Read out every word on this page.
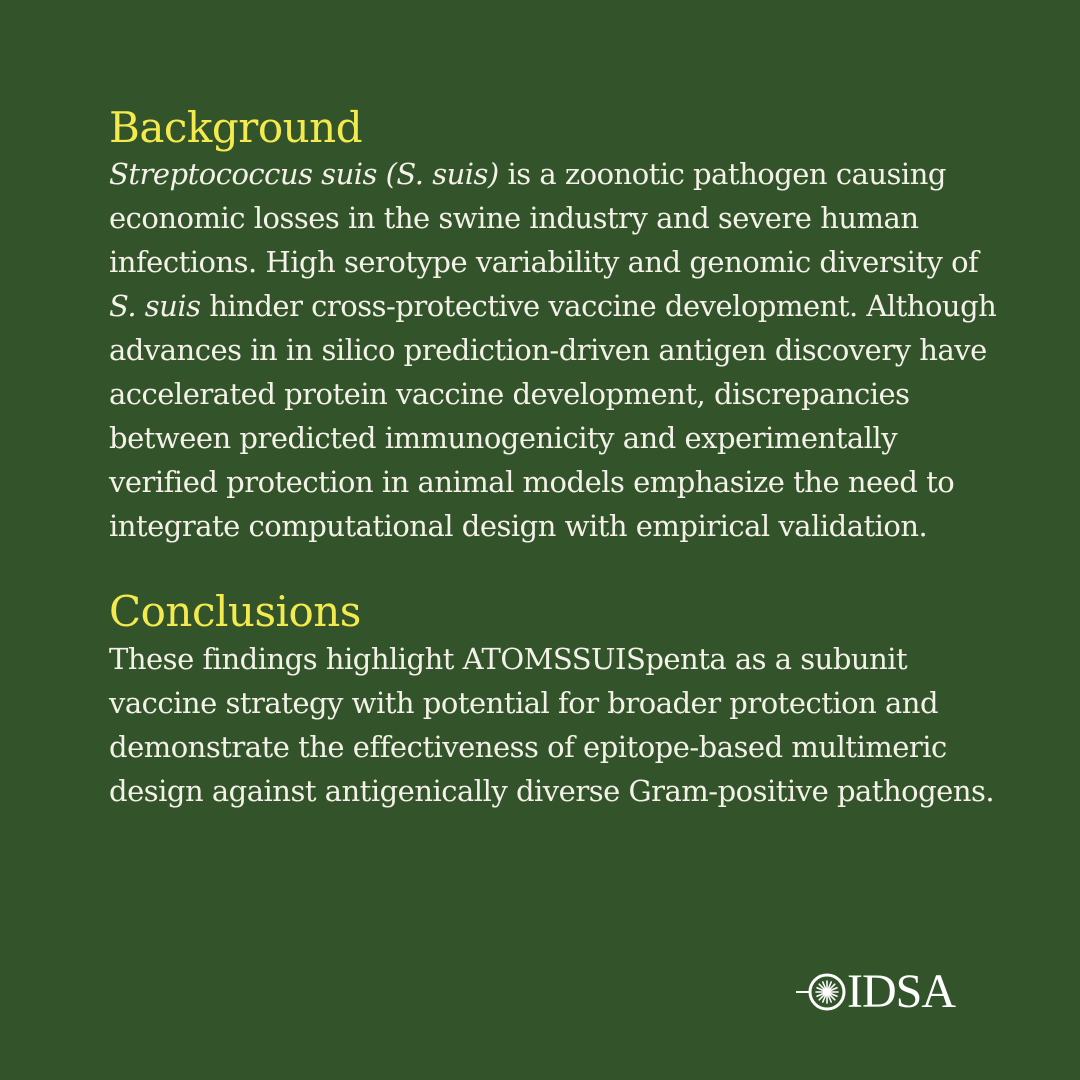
Background

Streptococcus suis (S. suis) is a zoonotic pathogen causing economic losses in the swine industry and severe human infections. High serotype variability and genomic diversity of S. suis hinder cross-protective vaccine development. Although advances in in silico prediction-driven antigen discovery have accelerated protein vaccine development, discrepancies between predicted immunogenicity and experimentally verified protection in animal models emphasize the need to integrate computational design with empirical validation.

Conclusions

These findings highlight ATOMSSUISpenta as a subunit vaccine strategy with potential for broader protection and demonstrate the effectiveness of epitope-based multimeric design against antigenically diverse Gram-positive pathogens.

IDSA
